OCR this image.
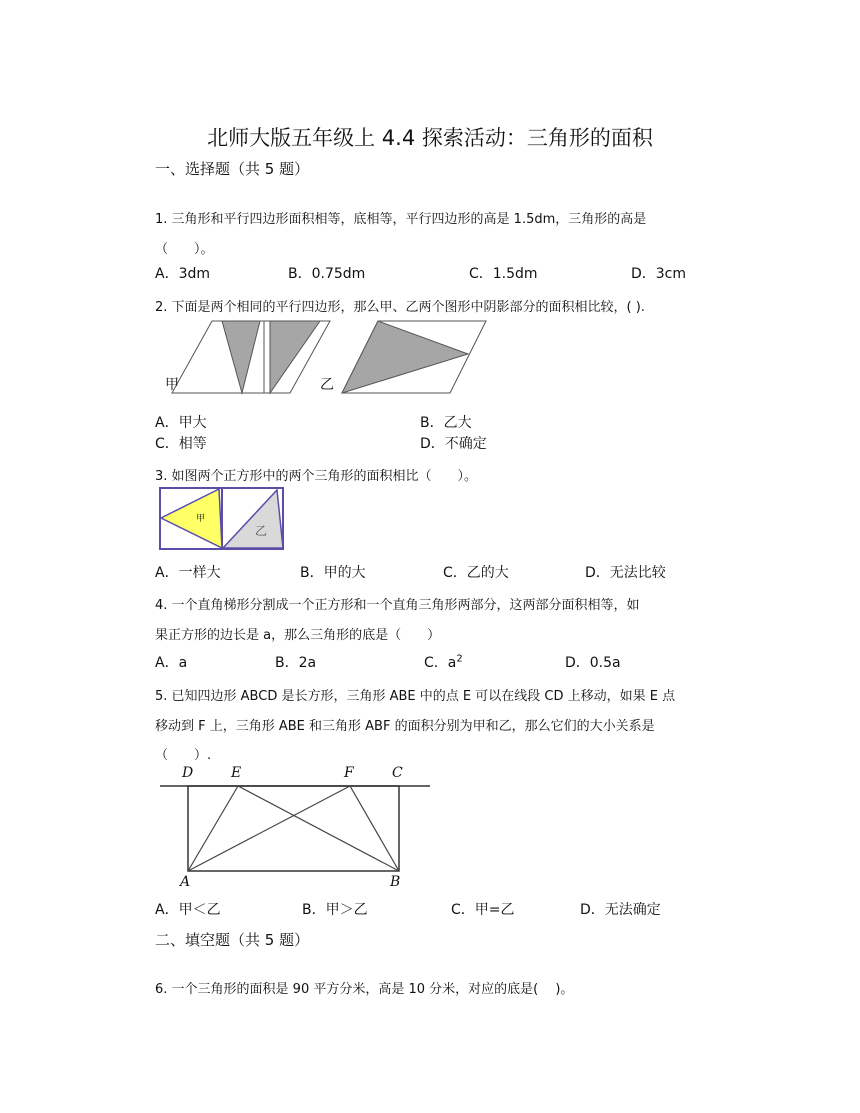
北师大版五年级上 4.4 探索活动：三角形的面积
一、选择题（共 5 题）
1. 三角形和平行四边形面积相等，底相等，平行四边形的高是 1.5dm，三角形的高是
（　　）。
A．3dm	B．0.75dm	C．1.5dm	D．3cm
2. 下面是两个相同的平行四边形，那么甲、乙两个图形中阴影部分的面积相比较，( ).
甲	乙
A．甲大	B．乙大
C．相等	D．不确定
3. 如图两个正方形中的两个三角形的面积相比（　　）。
甲
乙
A．一样大	B．甲的大	C．乙的大	D．无法比较
4. 一个直角梯形分割成一个正方形和一个直角三角形两部分，这两部分面积相等，如
果正方形的边长是 a，那么三角形的底是（　　）
A．a	B．2a	C．$a^2$	D．0.5a
5. 已知四边形 ABCD 是长方形，三角形 ABE 中的点 E 可以在线段 CD 上移动，如果 E 点
移动到 F 上，三角形 ABE 和三角形 ABF 的面积分别为甲和乙，那么它们的大小关系是
（　　）.
D	E	F	C
A	B
A．甲＜乙	B．甲＞乙	C．甲=乙	D．无法确定
二、填空题（共 5 题）
6. 一个三角形的面积是 90 平方分米，高是 10 分米，对应的底是(　 )。
